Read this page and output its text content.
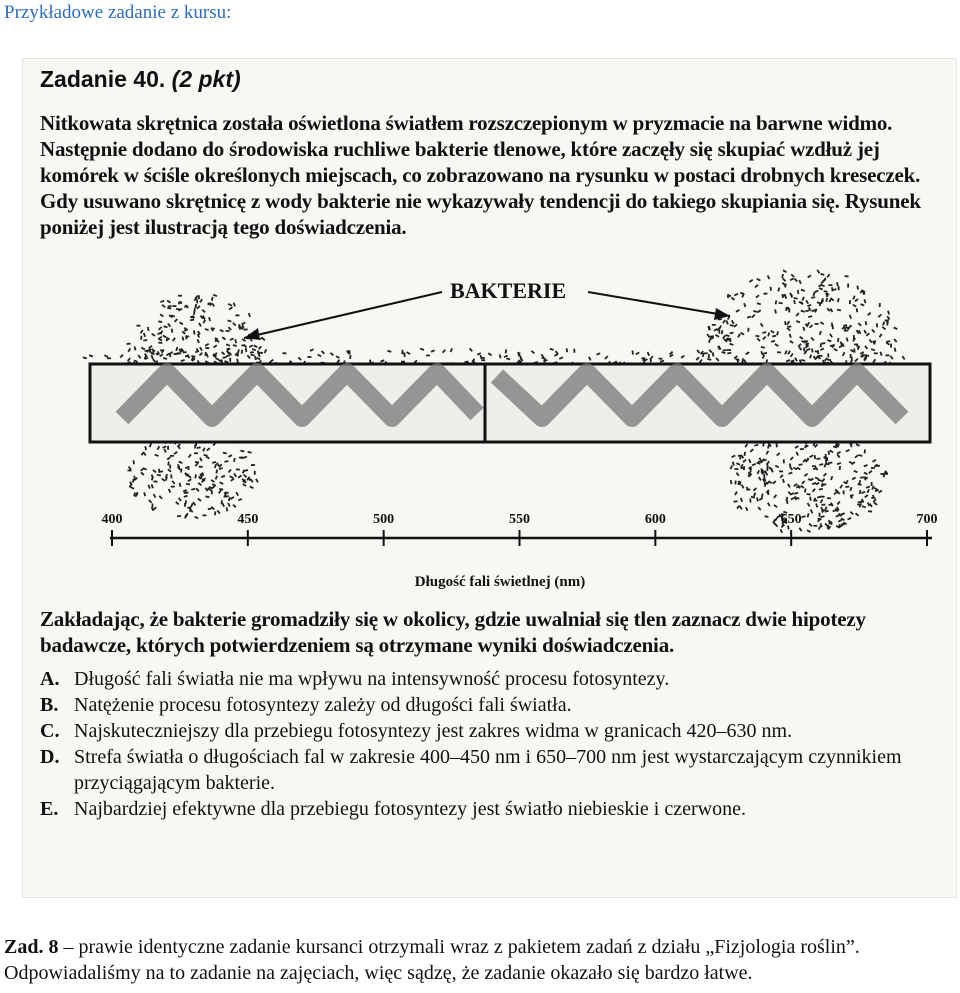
Przykładowe zadanie z kursu:
Zadanie 40. (2 pkt)
Nitkowata skrętnica została oświetlona światłem rozszczepionym w pryzmacie na barwne widmo. Następnie dodano do środowiska ruchliwe bakterie tlenowe, które zaczęły się skupiać wzdłuż jej komórek w ściśle określonych miejscach, co zobrazowano na rysunku w postaci drobnych kreseczek. Gdy usuwano skrętnicę z wody bakterie nie wykazywały tendencji do takiego skupiania się. Rysunek poniżej jest ilustracją tego doświadczenia.
BAKTERIE
400	450	500	550	600	650	700
Długość fali świetlnej (nm)
Zakładając, że bakterie gromadziły się w okolicy, gdzie uwalniał się tlen zaznacz dwie hipotezy badawcze, których potwierdzeniem są otrzymane wyniki doświadczenia.
A. Długość fali światła nie ma wpływu na intensywność procesu fotosyntezy.
B. Natężenie procesu fotosyntezy zależy od długości fali światła.
C. Najskuteczniejszy dla przebiegu fotosyntezy jest zakres widma w granicach 420–630 nm.
D. Strefa światła o długościach fal w zakresie 400–450 nm i 650–700 nm jest wystarczającym czynnikiem przyciągającym bakterie.
E. Najbardziej efektywne dla przebiegu fotosyntezy jest światło niebieskie i czerwone.
Zad. 8 – prawie identyczne zadanie kursanci otrzymali wraz z pakietem zadań z działu „Fizjologia roślin”. Odpowiadaliśmy na to zadanie na zajęciach, więc sądzę, że zadanie okazało się bardzo łatwe.
